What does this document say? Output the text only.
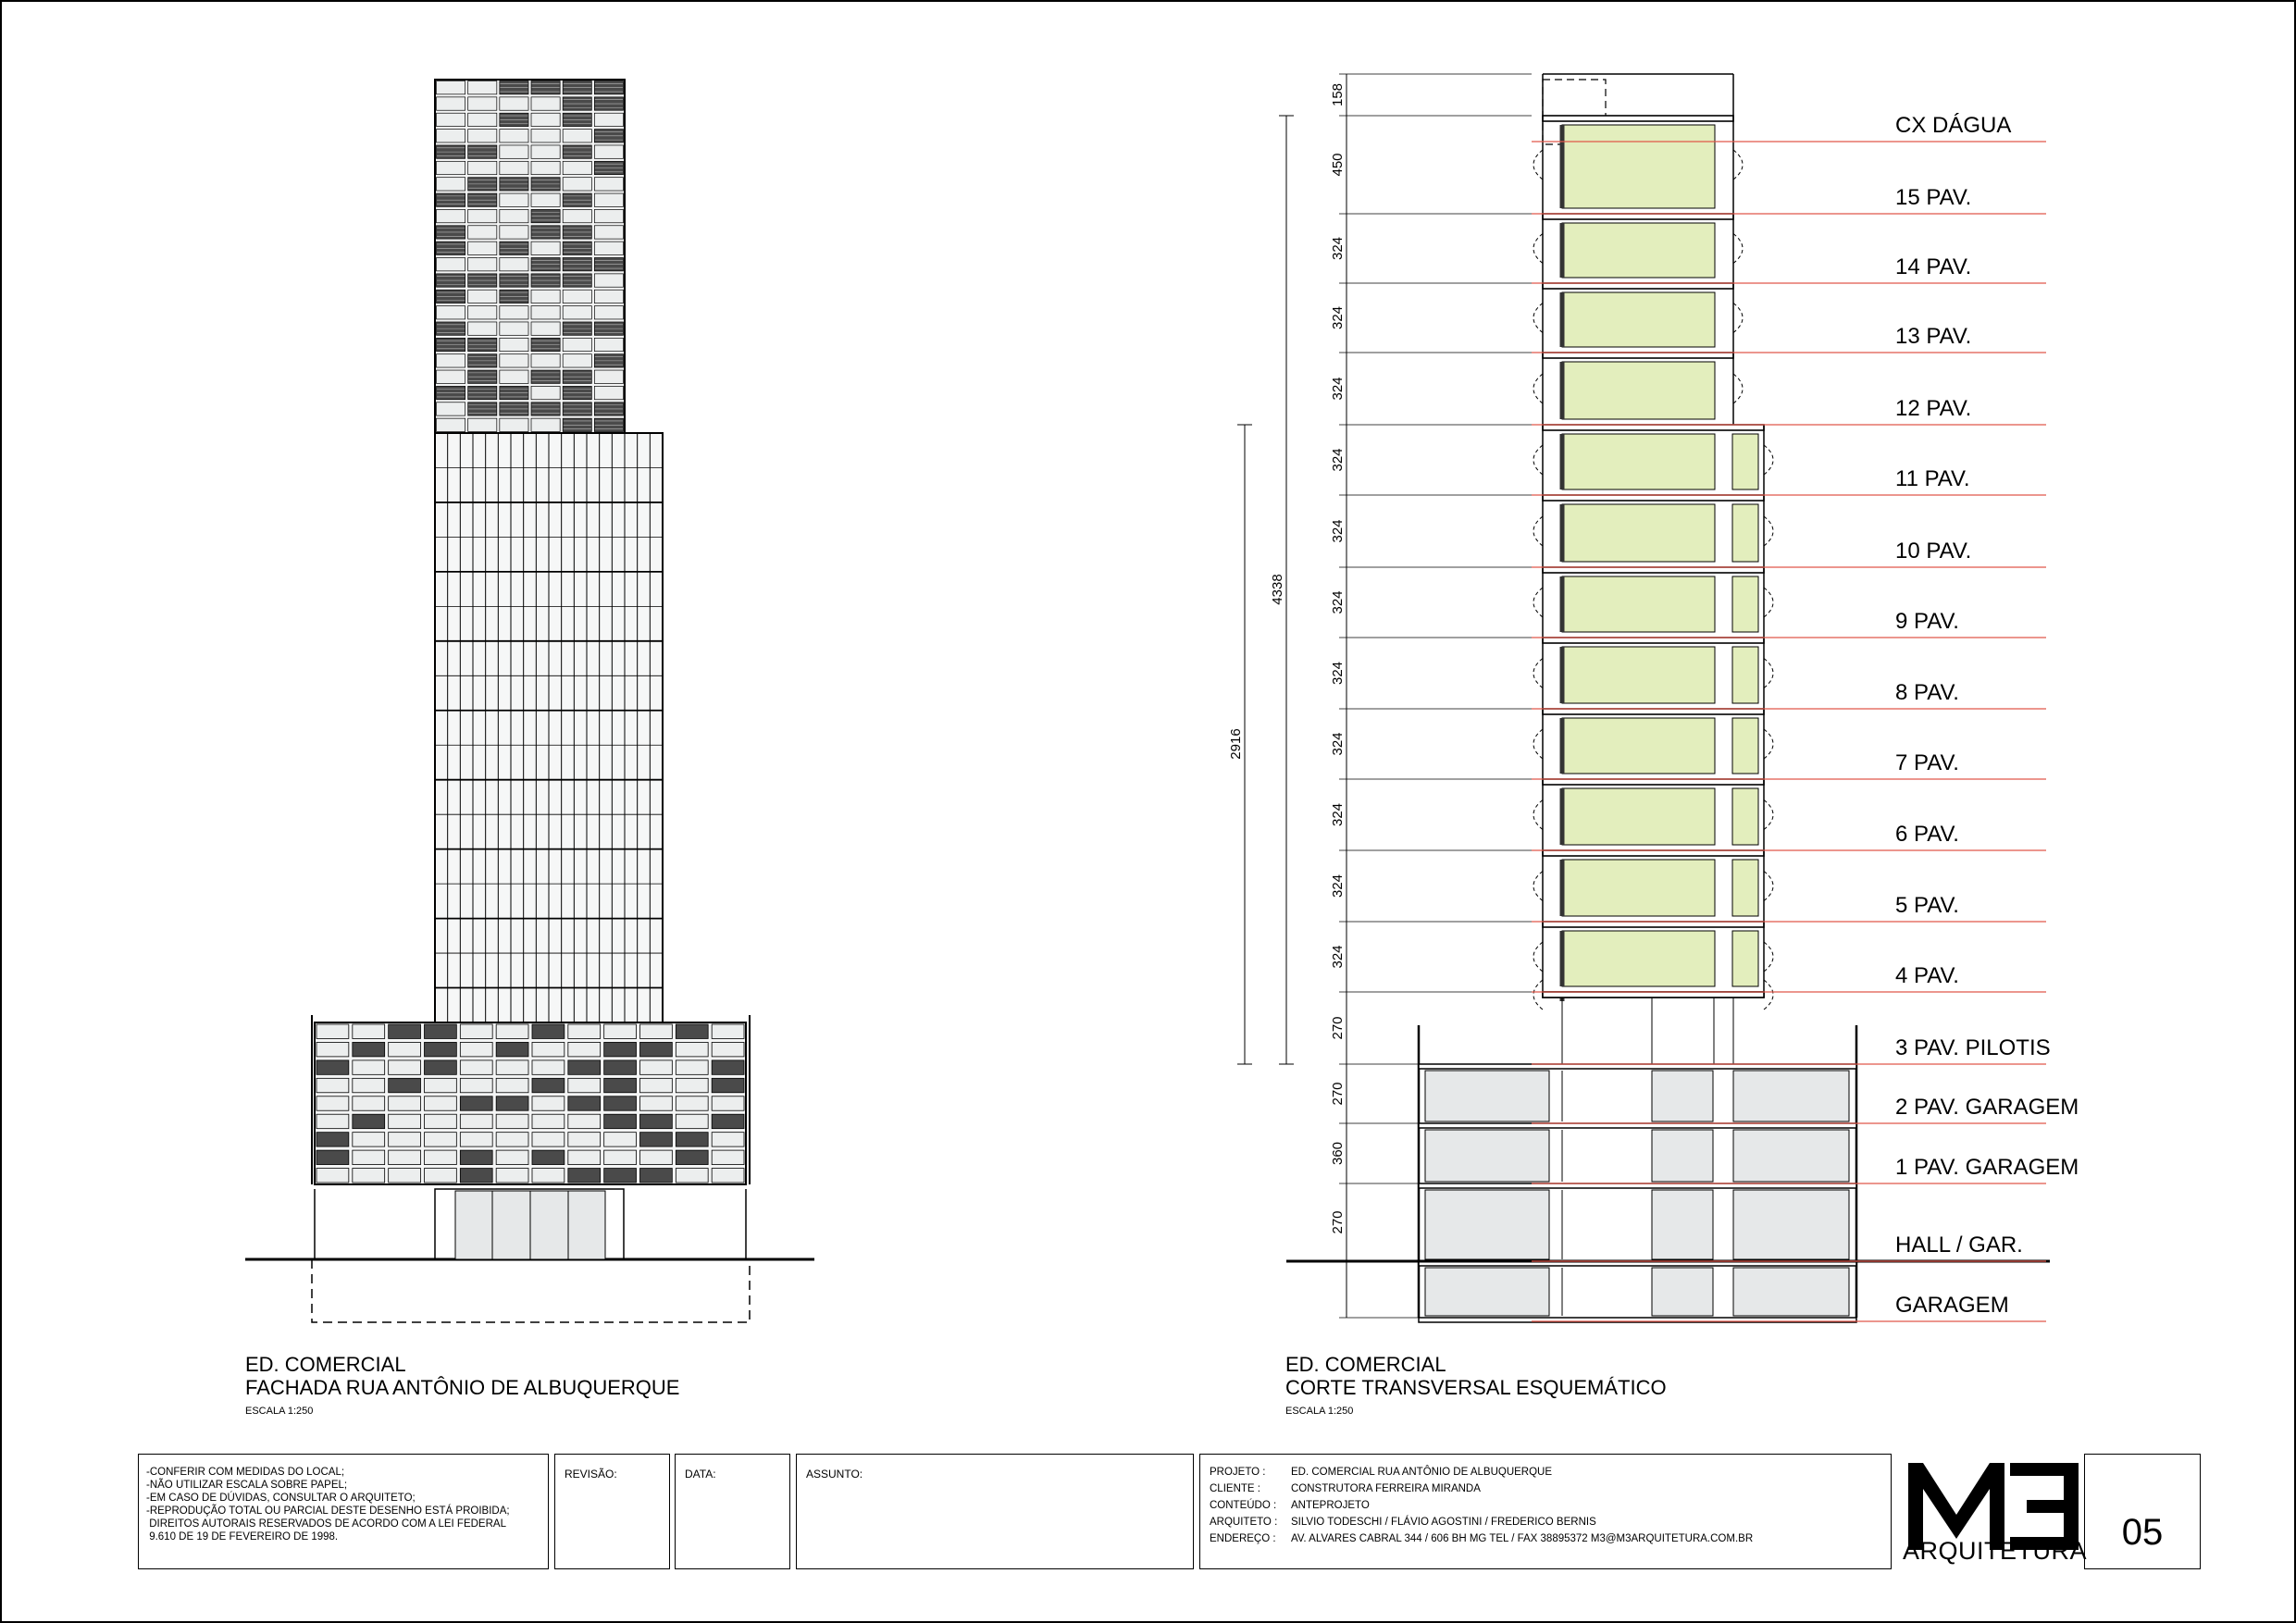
CX DÁGUA
15 PAV.
14 PAV.
13 PAV.
12 PAV.
11 PAV.
10 PAV.
9 PAV.
8 PAV.
7 PAV.
6 PAV.
5 PAV.
4 PAV.
3 PAV. PILOTIS
2 PAV. GARAGEM
1 PAV. GARAGEM
HALL / GAR.
GARAGEM
158
450
324
324
324
324
324
324
324
324
324
324
324
270
270
360
270
4338
2916
ED. COMERCIAL
FACHADA RUA ANTÔNIO DE ALBUQUERQUE
ESCALA 1:250
ED. COMERCIAL
CORTE TRANSVERSAL ESQUEMÁTICO
ESCALA 1:250
-CONFERIR COM MEDIDAS DO LOCAL;
-NÃO UTILIZAR ESCALA SOBRE PAPEL;
-EM CASO DE DÚVIDAS, CONSULTAR O ARQUITETO;
-REPRODUÇÃO TOTAL OU PARCIAL DESTE DESENHO ESTÁ PROIBIDA;
DIREITOS AUTORAIS RESERVADOS DE ACORDO COM A LEI FEDERAL
9.610 DE 19 DE FEVEREIRO DE 1998.
REVISÃO:	DATA:	ASSUNTO:	PROJETO :	ED. COMERCIAL RUA ANTÔNIO DE ALBUQUERQUE
CLIENTE :	CONSTRUTORA FERREIRA MIRANDA
CONTEÚDO :	ANTEPROJETO
ARQUITETO :	SILVIO TODESCHI / FLÁVIO AGOSTINI / FREDERICO BERNIS
ENDEREÇO :	AV. ALVARES CABRAL 344 / 606 BH MG TEL / FAX 38895372 M3@M3ARQUITETURA.COM.BR	ARQUITETURA 05
